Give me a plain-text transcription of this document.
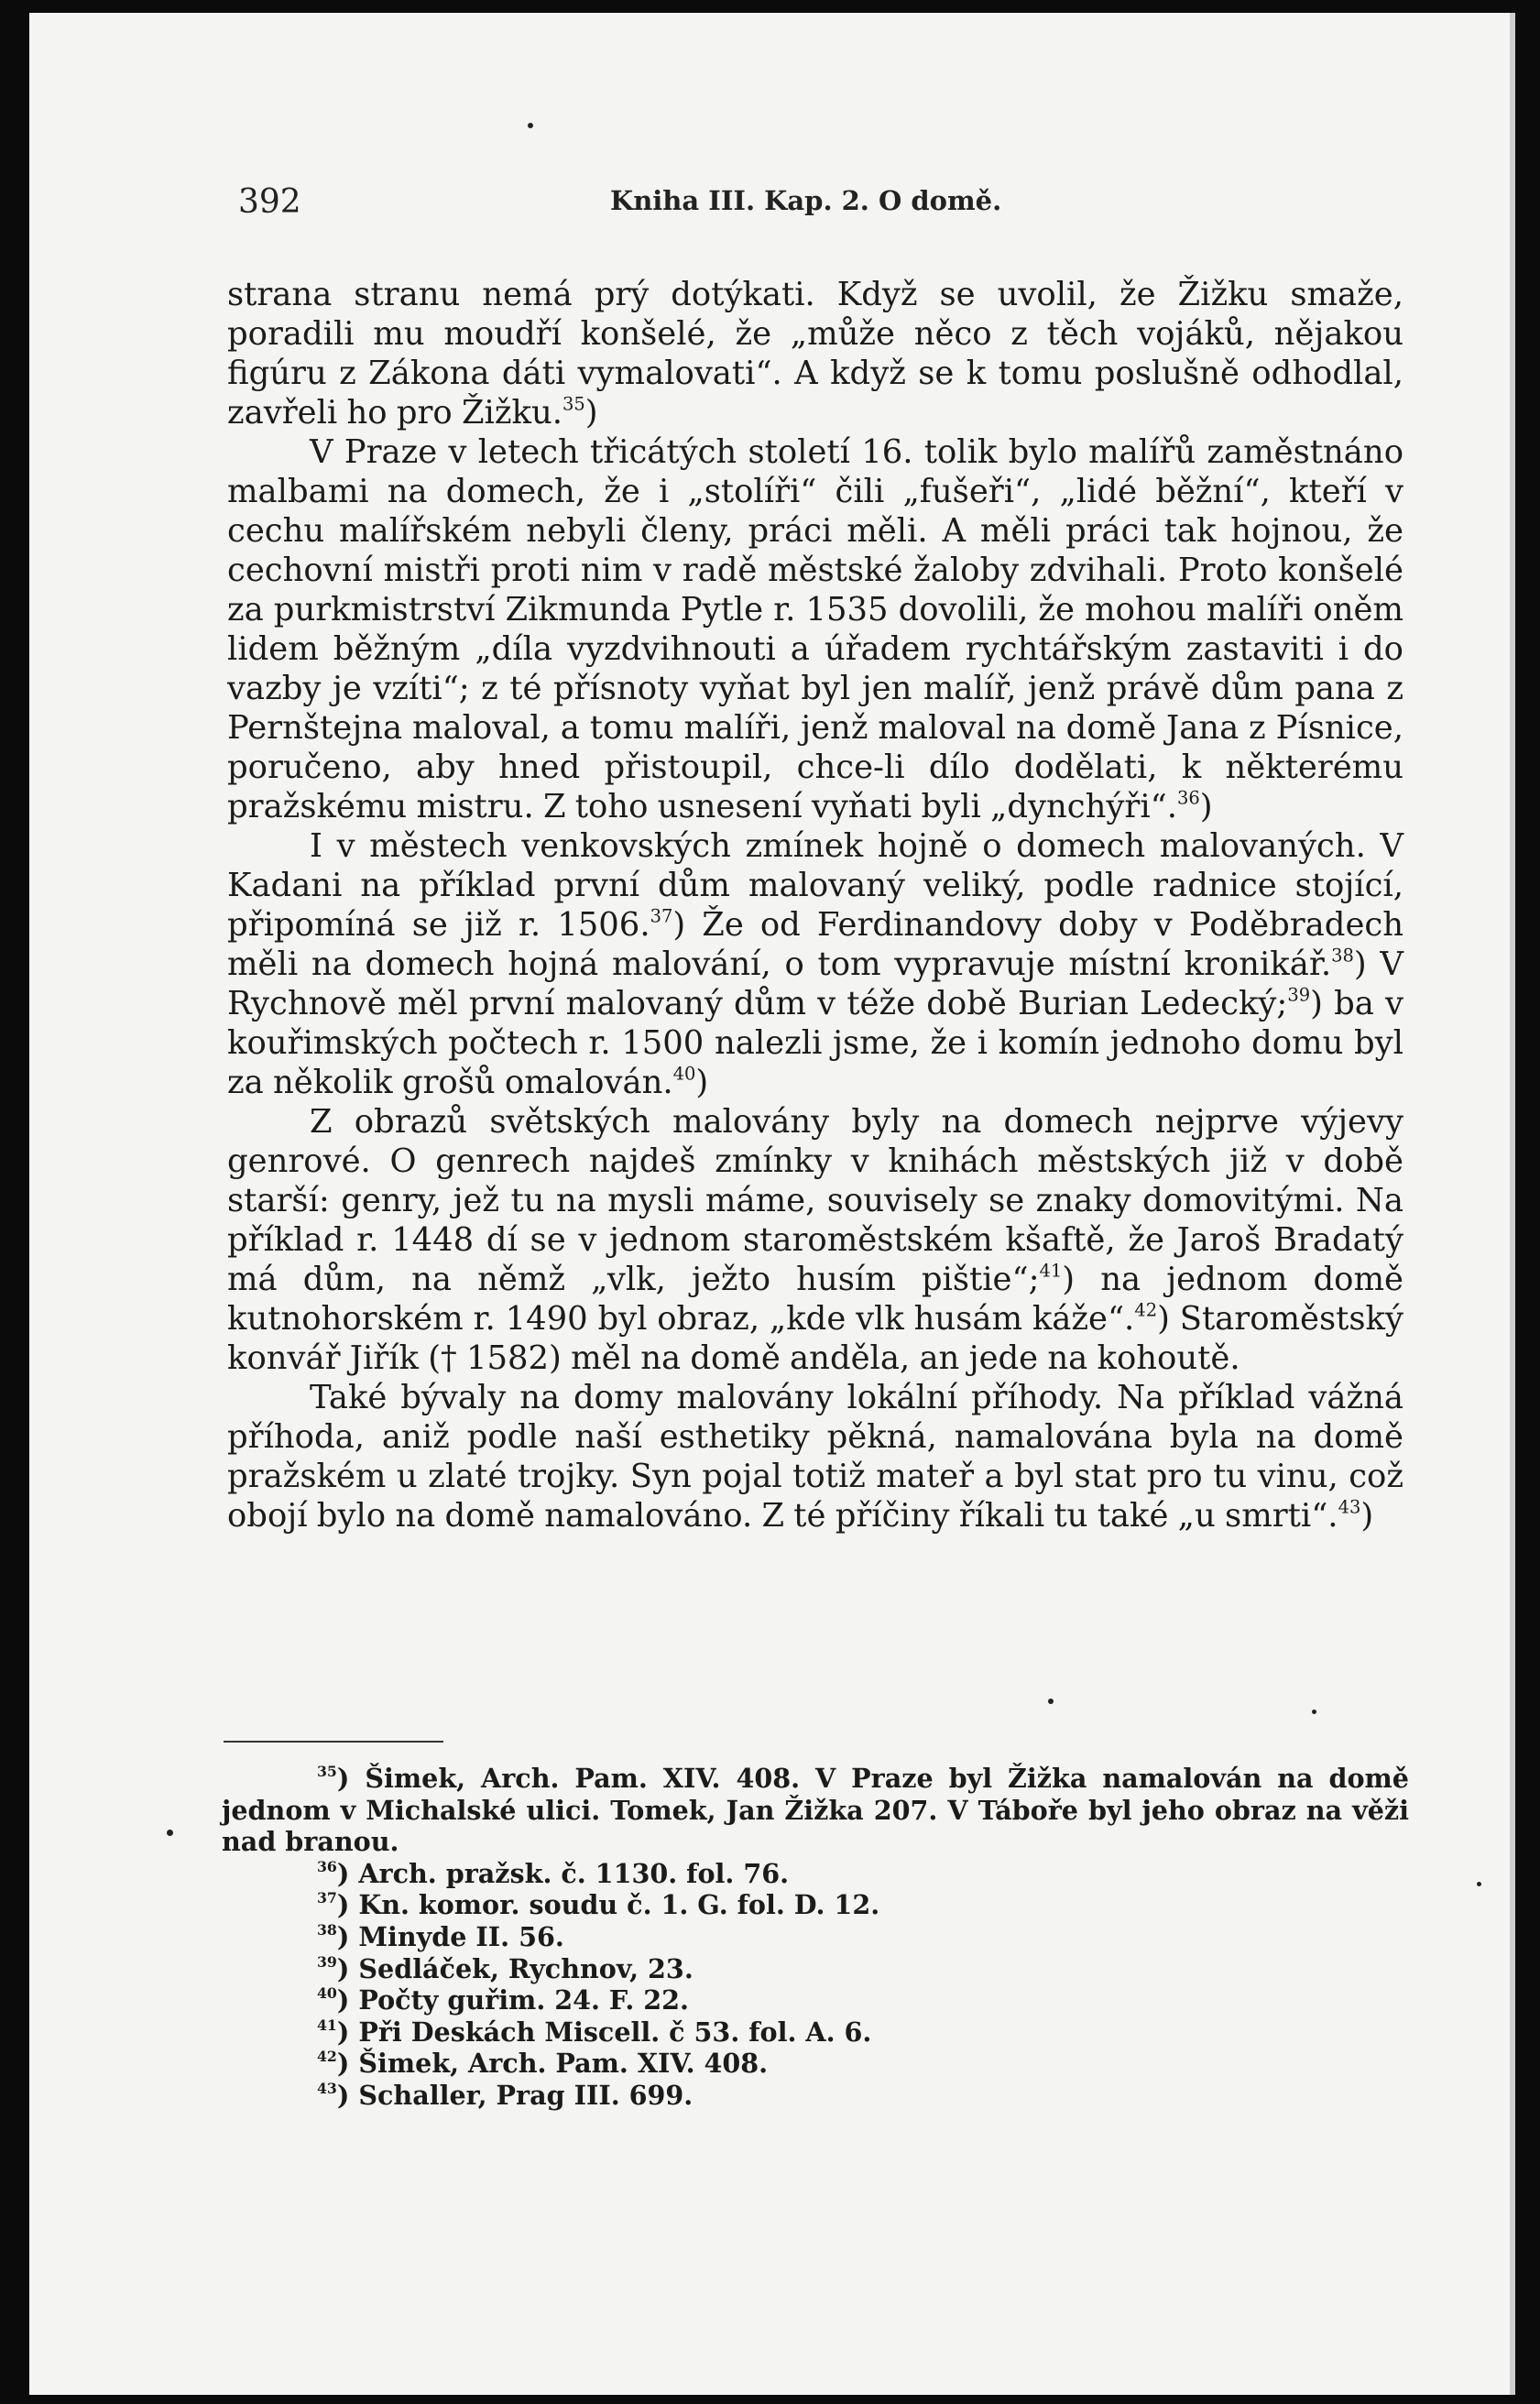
392	Kniha III. Kap. 2. O domě.

strana stranu nemá prý dotýkati. Když se uvolil, že Žižku smaže, poradili mu moudří konšelé, že „může něco z těch vojáků, nějakou figúru z Zákona dáti vymalovati“. A když se k tomu poslušně odhodlal, zavřeli ho pro Žižku.$^{35}$)

V Praze v letech třicátých století 16. tolik bylo malířů zaměstnáno malbami na domech, že i „stolíři“ čili „fušeři“, „lidé běžní“, kteří v cechu malířském nebyli členy, práci měli. A měli práci tak hojnou, že cechovní mistři proti nim v radě městské žaloby zdvihali. Proto konšelé za purkmistrství Zikmunda Pytle r. 1535 dovolili, že mohou malíři oněm lidem běžným „díla vyzdvihnouti a úřadem rychtářským zastaviti i do vazby je vzíti“; z té přísnoty vyňat byl jen malíř, jenž právě dům pana z Pernštejna maloval, a tomu malíři, jenž maloval na domě Jana z Písnice, poručeno, aby hned přistoupil, chce-li dílo dodělati, k některému pražskému mistru. Z toho usnesení vyňati byli „dynchýři“.$^{36}$)

I v městech venkovských zmínek hojně o domech malovaných. V Kadani na příklad první dům malovaný veliký, podle radnice stojící, připomíná se již r. 1506.37) Že od Ferdinandovy doby v Poděbradech měli na domech hojná malování, o tom vypravuje místní kronikář.$^{38}$) V Rychnově měl první malovaný dům v téže době Burian Ledecký;$^{39}$) ba v kouřimských počtech r. 1500 nalezli jsme, že i komín jednoho domu byl za několik grošů omalován.$^{40}$)

Z obrazů světských malovány byly na domech nejprve výjevy genrové. O genrech najdeš zmínky v knihách městských již v době starší: genry, jež tu na mysli máme, souvisely se znaky domovitými. Na příklad r. 1448 dí se v jednom staroměstském kšaftě, že Jaroš Bradatý má dům, na němž „vlk, ježto husím pištie“;$^{41}$) na jednom domě kutnohorském r. 1490 byl obraz, „kde vlk husám káže“.$^{42}$) Staroměstský konvář Jiřík († 1582) měl na domě anděla, an jede na kohoutě.

Také bývaly na domy malovány lokální příhody. Na příklad vážná příhoda, aniž podle naší esthetiky pěkná, namalována byla na domě pražském u zlaté trojky. Syn pojal totiž mateř a byl stat pro tu vinu, což obojí bylo na domě namalováno. Z té příčiny říkali tu také „u smrti“.$^{43}$)

$^{35}$) Šimek, Arch. Pam. XIV. 408. V Praze byl Žižka namalován na domě jednom v Michalské ulici. Tomek, Jan Žižka 207. V Táboře byl jeho obraz na věži nad branou.

$^{36}$) Arch. pražsk. č. 1130. fol. 76.

$^{37}$) Kn. komor. soudu č. 1. G. fol. D. 12.

$^{38}$) Minyde II. 56.

$^{39}$) Sedláček, Rychnov, 23.

$^{40}$) Počty guřim. 24. F. 22.

$^{41}$) Při Deskách Miscell. č 53. fol. A. 6.

$^{42}$) Šimek, Arch. Pam. XIV. 408.

$^{43}$) Schaller, Prag III. 699.
